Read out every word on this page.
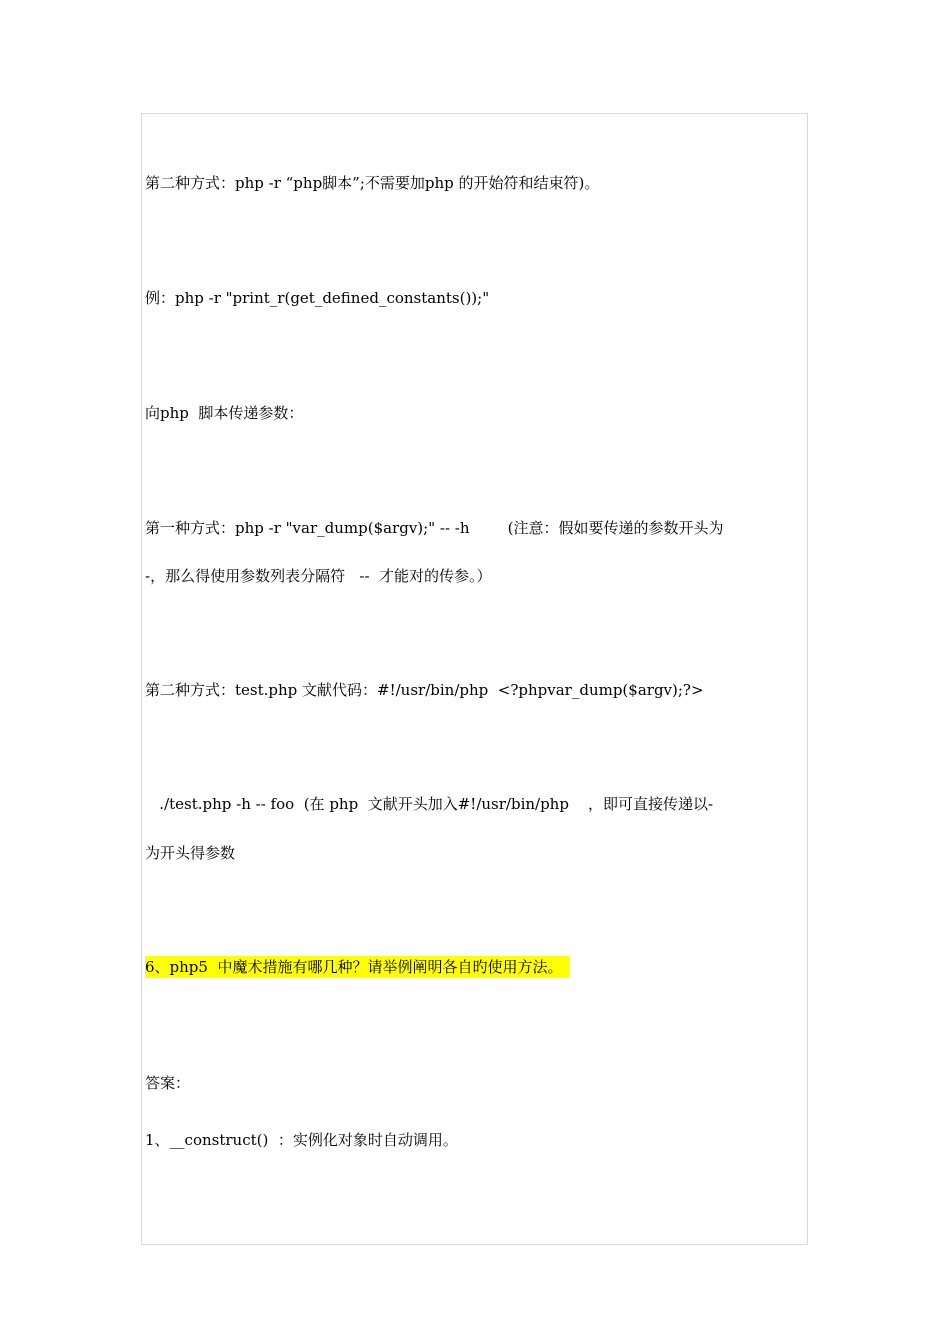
第二种方式：php -r “php脚本”;不需要加php 的开始符和结束符)。
例：php -r "print_r(get_defined_constants());"
向php  脚本传递参数：
第一种方式：php -r "var_dump($argv);" -- -h        (注意：假如要传递的参数开头为
-，那么得使用参数列表分隔符   --  才能对的传参。）
第二种方式：test.php 文献代码：#!/usr/bin/php  <?phpvar_dump($argv);?>
./test.php -h -- foo  (在 php  文献开头加入#!/usr/bin/php    ，即可直接传递以-
为开头得参数
6、php5  中魔术措施有哪几种？请举例阐明各自旳使用方法。
答案：
1、__construct()  ：实例化对象时自动调用。
